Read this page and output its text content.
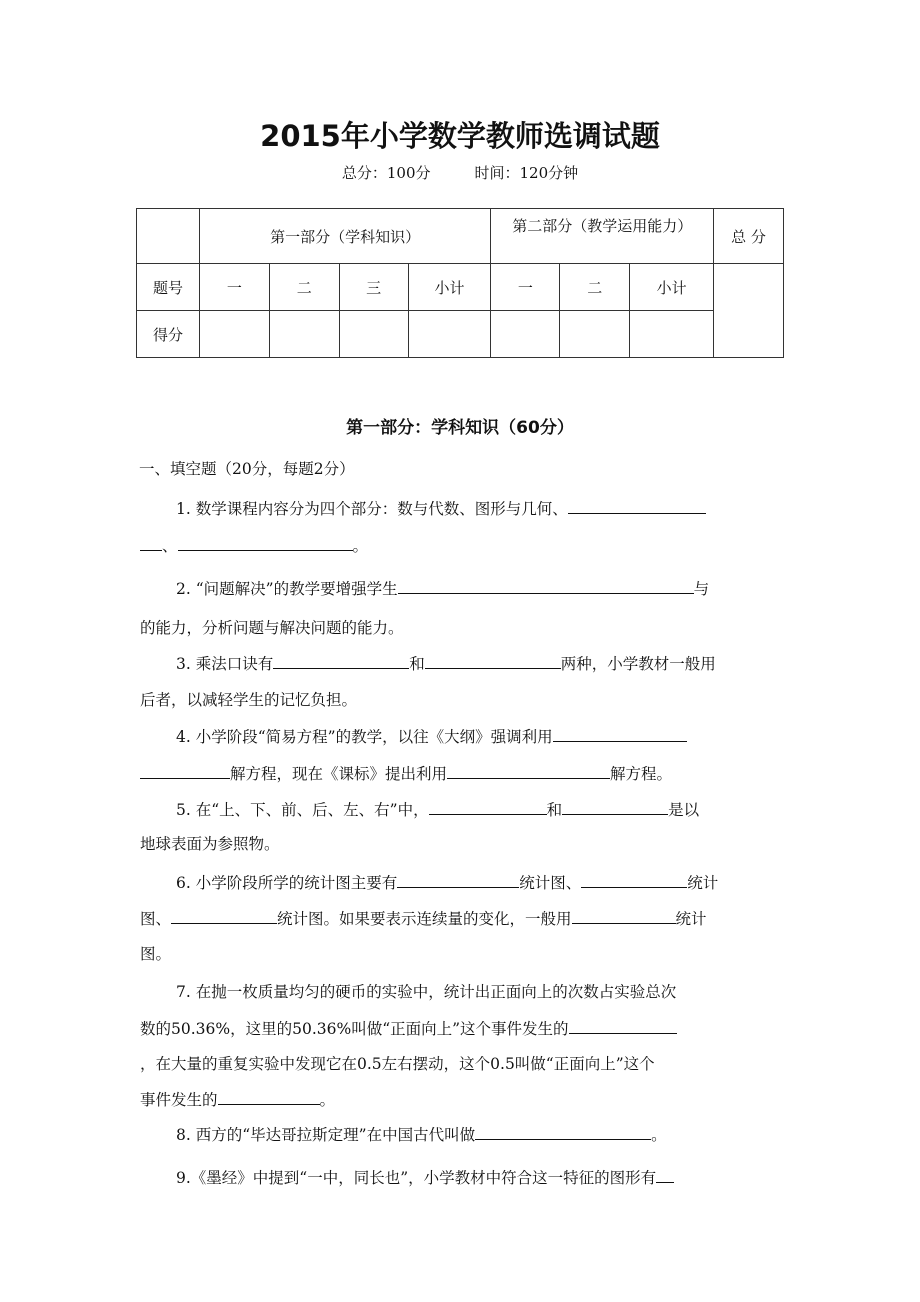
2015年小学数学教师选调试题
总分：100分	时间：120分钟
	第一部分（学科知识）				第二部分（教学运用能力）			总 分
题号	一	二	三	小计	一	二	小计	
得分								
第一部分：学科知识（60分）
一、填空题（20分，每题2分）
1. 数学课程内容分为四个部分：数与代数、图形与几何、
、	。
2. “问题解决”的教学要增强学生	与
的能力，分析问题与解决问题的能力。
3. 乘法口诀有	和	两种，小学教材一般用
后者，以减轻学生的记忆负担。
4. 小学阶段“简易方程”的教学，以往《大纲》强调利用
解方程，现在《课标》提出利用	解方程。
5. 在“上、下、前、后、左、右”中，	和	是以
地球表面为参照物。
6. 小学阶段所学的统计图主要有	统计图、	统计
图、	统计图。如果要表示连续量的变化，一般用	统计
图。
7. 在抛一枚质量均匀的硬币的实验中，统计出正面向上的次数占实验总次
数的50.36%，这里的50.36%叫做“正面向上”这个事件发生的
，在大量的重复实验中发现它在0.5左右摆动，这个0.5叫做“正面向上”这个
事件发生的	。
8. 西方的“毕达哥拉斯定理”在中国古代叫做	。
9.《墨经》中提到“一中，同长也”，小学教材中符合这一特征的图形有
